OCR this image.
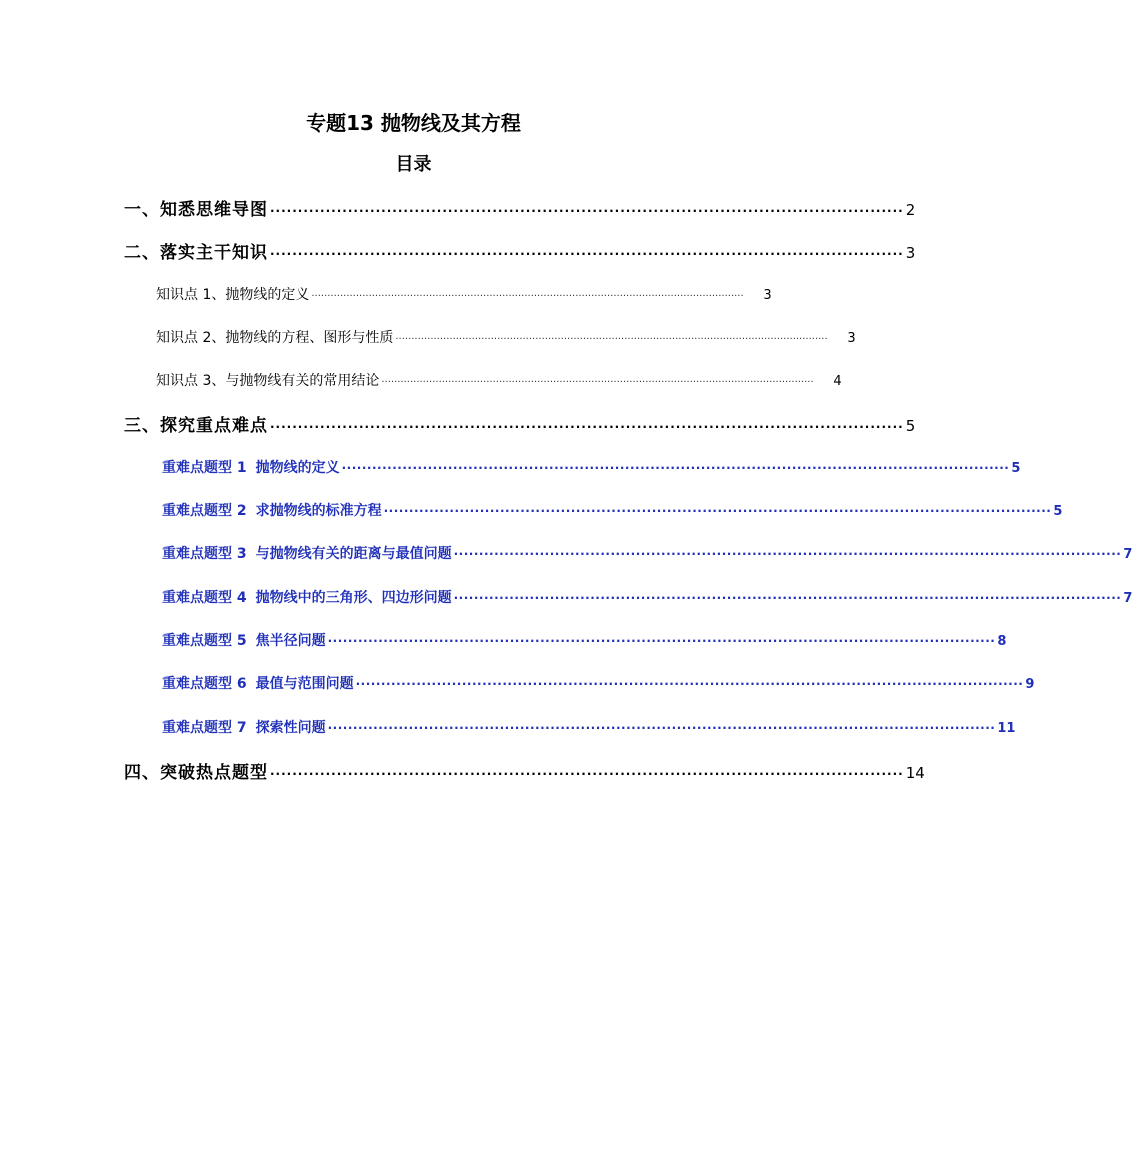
专题13 抛物线及其方程
目录
一、知悉思维导图 ·················································································································· 2
二、落实主干知识 ·················································································································· 3
知识点 1、抛物线的定义 ········································································································································	3
知识点 2、抛物线的方程、图形与性质 ········································································································································	3
知识点 3、与抛物线有关的常用结论 ········································································································································	4
三、探究重点难点 ·················································································································· 5
重难点题型 1 抛物线的定义 ···································································································································· 5
重难点题型 2 求抛物线的标准方程 ···································································································································· 5
重难点题型 3 与抛物线有关的距离与最值问题 ···································································································································· 7
重难点题型 4 抛物线中的三角形、四边形问题 ···································································································································· 7
重难点题型 5 焦半径问题 ···································································································································· 8
重难点题型 6 最值与范围问题 ···································································································································· 9
重难点题型 7 探索性问题 ···································································································································· 11
四、突破热点题型 ·················································································································· 14
